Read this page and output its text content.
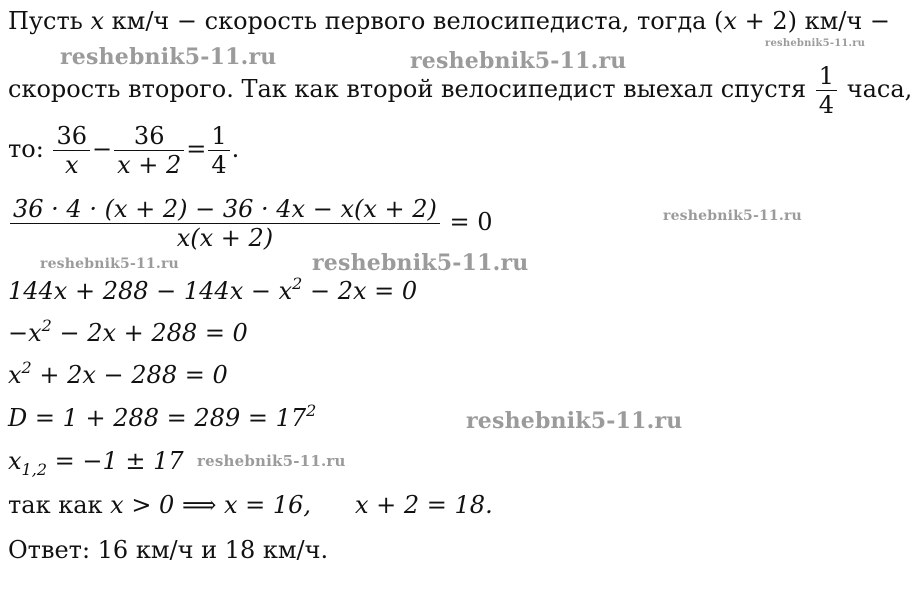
Пусть x км/ч − скорость первого велосипедиста, тогда (x + 2) км/ч −
скорость второго. Так как второй велосипедист выехал спустя $\frac{1}{4}$ часа,
то: $\frac{36}{x} - \frac{36}{x + 2} = \frac{1}{4}$ .
$\frac{36 \cdot 4 \cdot (x + 2) - 36 \cdot 4x - x(x + 2)}{x(x + 2)} = 0$
$144x + 288 - 144x - x^2 - 2x = 0$
$-x^2 - 2x + 288 = 0$
$x^2 + 2x - 288 = 0$
$D = 1 + 288 = 289 = 17^2$
$x_{1,2} = -1 \pm 17$
так как x > 0 ⟹ x = 16, x + 2 = 18.
Ответ: 16 км/ч и 18 км/ч.
reshebnik5-11.ru	reshebnik5-11.ru
reshebnik5-11.ru
reshebnik5-11.ru
reshebnik5-11.ru	reshebnik5-11.ru
reshebnik5-11.ru
reshebnik5-11.ru
